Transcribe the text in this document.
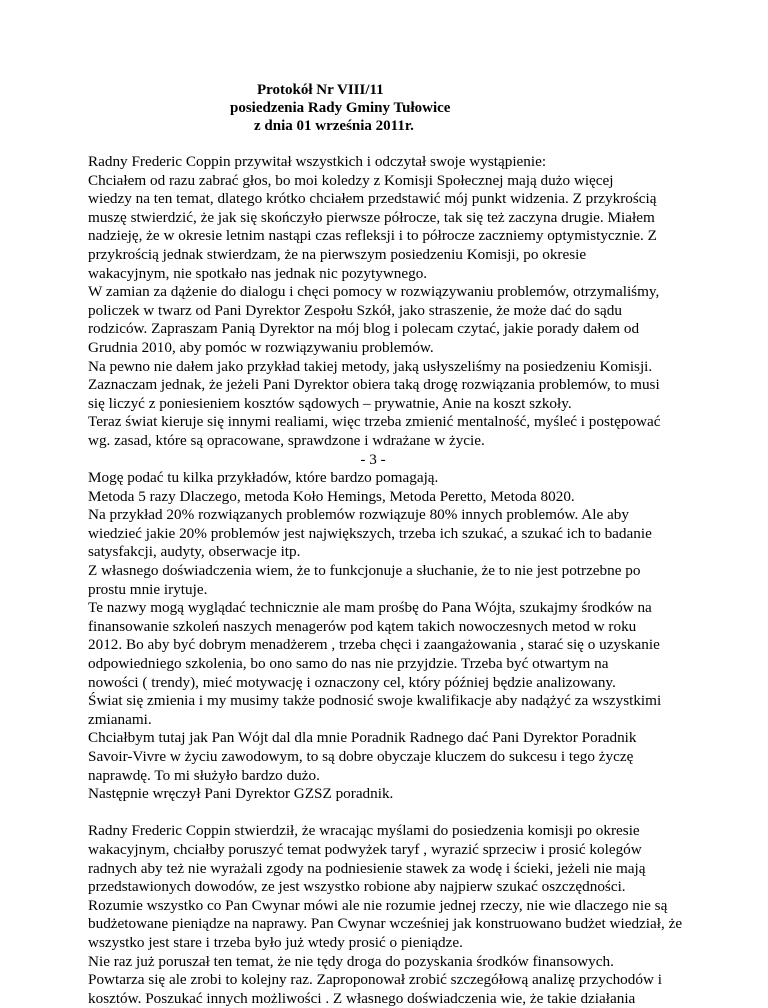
Protokół Nr VIII/11
posiedzenia Rady Gminy Tułowice
z dnia 01 września 2011r.
Radny Frederic Coppin przywitał wszystkich i odczytał swoje wystąpienie:
Chciałem od razu zabrać głos, bo moi koledzy z Komisji Społecznej mają dużo więcej
wiedzy na ten temat, dlatego krótko chciałem przedstawić mój punkt widzenia. Z przykrością
muszę stwierdzić, że jak się skończyło pierwsze półrocze, tak się też zaczyna drugie. Miałem
nadzieję, że w okresie letnim nastąpi czas refleksji i to półrocze zaczniemy optymistycznie. Z
przykrością jednak stwierdzam, że na pierwszym posiedzeniu Komisji, po okresie
wakacyjnym, nie spotkało nas jednak nic pozytywnego.
W zamian za dążenie do dialogu i chęci pomocy w rozwiązywaniu problemów, otrzymaliśmy,
policzek w twarz od Pani Dyrektor Zespołu Szkół, jako straszenie, że może dać do sądu
rodziców. Zapraszam Panią Dyrektor na mój blog i polecam czytać, jakie porady dałem od
Grudnia 2010, aby pomóc w rozwiązywaniu problemów.
Na pewno nie dałem jako przykład takiej metody, jaką usłyszeliśmy na posiedzeniu Komisji.
Zaznaczam jednak, że jeżeli Pani Dyrektor obiera taką drogę rozwiązania problemów, to musi
się liczyć z poniesieniem kosztów sądowych – prywatnie, Anie na koszt szkoły.
Teraz świat kieruje się innymi realiami, więc trzeba zmienić mentalność, myśleć i postępować
wg. zasad, które są opracowane, sprawdzone i wdrażane w życie.
- 3 -
Mogę podać tu kilka przykładów, które bardzo pomagają.
Metoda 5 razy Dlaczego, metoda Koło Hemings, Metoda Peretto, Metoda 8020.
Na przykład 20% rozwiązanych problemów rozwiązuje 80% innych problemów. Ale aby
wiedzieć jakie 20% problemów jest największych, trzeba ich szukać, a szukać ich to badanie
satysfakcji, audyty, obserwacje itp.
Z własnego doświadczenia wiem, że to funkcjonuje a słuchanie, że to nie jest potrzebne po
prostu mnie irytuje.
Te nazwy mogą wyglądać technicznie ale mam prośbę do Pana Wójta, szukajmy środków na
finansowanie szkoleń naszych menagerów pod kątem takich nowoczesnych metod w roku
2012. Bo aby być dobrym menadżerem , trzeba chęci i zaangażowania , starać się o uzyskanie
odpowiedniego szkolenia, bo ono samo do nas nie przyjdzie. Trzeba być otwartym na
nowości ( trendy), mieć motywację i oznaczony cel, który później będzie analizowany.
Świat się zmienia i my musimy także podnosić swoje kwalifikacje aby nadążyć za wszystkimi
zmianami.
Chciałbym tutaj jak Pan Wójt dal dla mnie Poradnik Radnego dać Pani Dyrektor Poradnik
Savoir-Vivre w życiu zawodowym, to są dobre obyczaje kluczem do sukcesu i tego życzę
naprawdę. To mi służyło bardzo dużo.
Następnie wręczył Pani Dyrektor GZSZ poradnik.
Radny Frederic Coppin stwierdził, że wracając myślami do posiedzenia komisji po okresie
wakacyjnym, chciałby poruszyć temat podwyżek taryf , wyrazić sprzeciw i prosić kolegów
radnych aby też nie wyrażali zgody na podniesienie stawek za wodę i ścieki, jeżeli nie mają
przedstawionych dowodów, ze jest wszystko robione aby najpierw szukać oszczędności.
Rozumie wszystko co Pan Cwynar mówi ale nie rozumie jednej rzeczy, nie wie dlaczego nie są
budżetowane pieniądze na naprawy. Pan Cwynar wcześniej jak konstruowano budżet wiedział, że
wszystko jest stare i trzeba było już wtedy prosić o pieniądze.
Nie raz już poruszał ten temat, że nie tędy droga do pozyskania środków finansowych.
Powtarza się ale zrobi to kolejny raz. Zaproponował zrobić szczegółową analizę przychodów i
kosztów. Poszukać innych możliwości . Z własnego doświadczenia wie, że takie działania
